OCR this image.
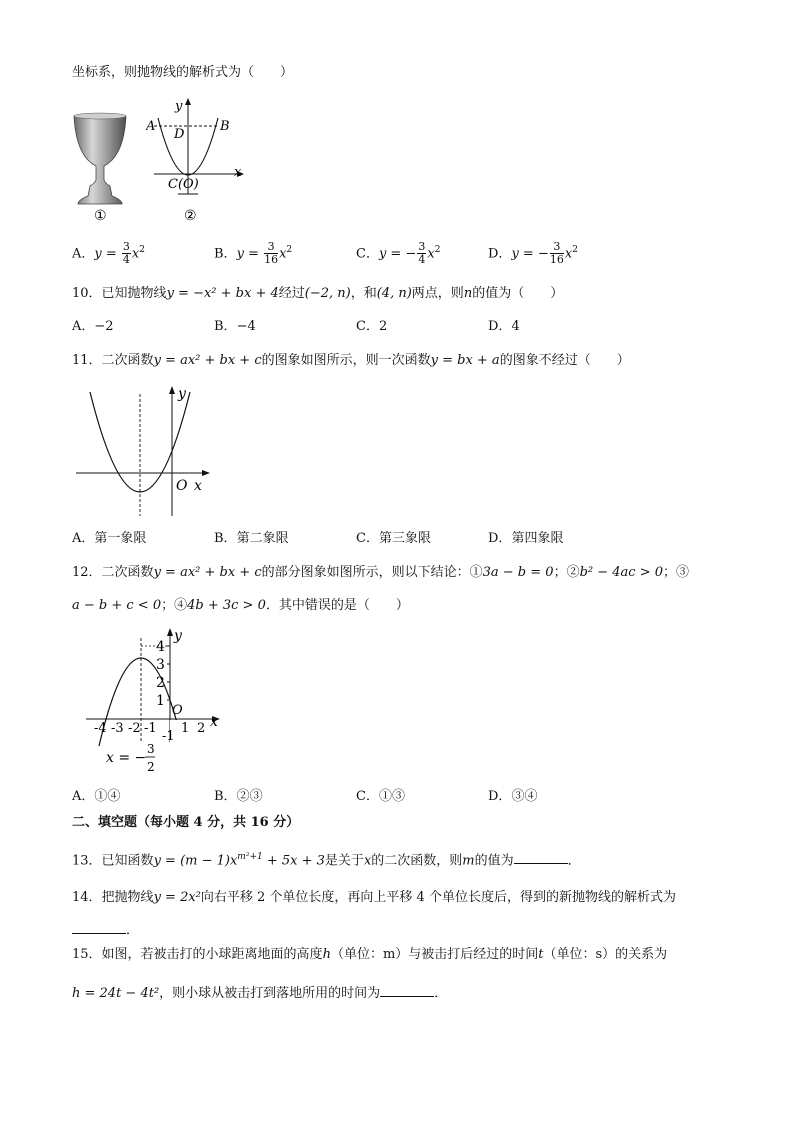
坐标系，则抛物线的解析式为（　　）
①
y
x
A	B
D
C(O)
②
A．$y = \frac{3}{4} x^2$	B．$y = \frac{3}{16} x^2$	C．y = − $\frac{3}{4} x^2$	D．y = − $\frac{3}{16} x^2$
10．已知抛物线y = −x² + bx + 4经过(−2, n)，和(4, n)两点，则n的值为（　　）
A．−2	B．−4	C．2	D．4
11．二次函数y = ax² + bx + c的图象如图所示，则一次函数y = bx + a的图象不经过（　　）
y
O x
A．第一象限	B．第二象限	C．第三象限	D．第四象限
12．二次函数y = ax² + bx + c的部分图象如图所示，则以下结论：①3a − b = 0；②b² − 4ac > 0；③
a − b + c < 0；④4b + 3c > 0．其中错误的是（　　）
y
x
O
4
3
2
1
-1
-4 -3 -2 -1 1 2
x = −
3
2
A．①④	B．②③	C．①③	D．③④
二、填空题（每小题 4 分，共 16 分）
13．已知函数$y = (m - 1)x^{m^2+1} + 5x + 3$是关于x的二次函数，则m的值为	．
14．把抛物线y = 2x²向右平移 2 个单位长度，再向上平移 4 个单位长度后，得到的新抛物线的解析式为
．
15．如图，若被击打的小球距离地面的高度h（单位：m）与被击打后经过的时间t（单位：s）的关系为
h = 24t − 4t²，则小球从被击打到落地所用的时间为	．
